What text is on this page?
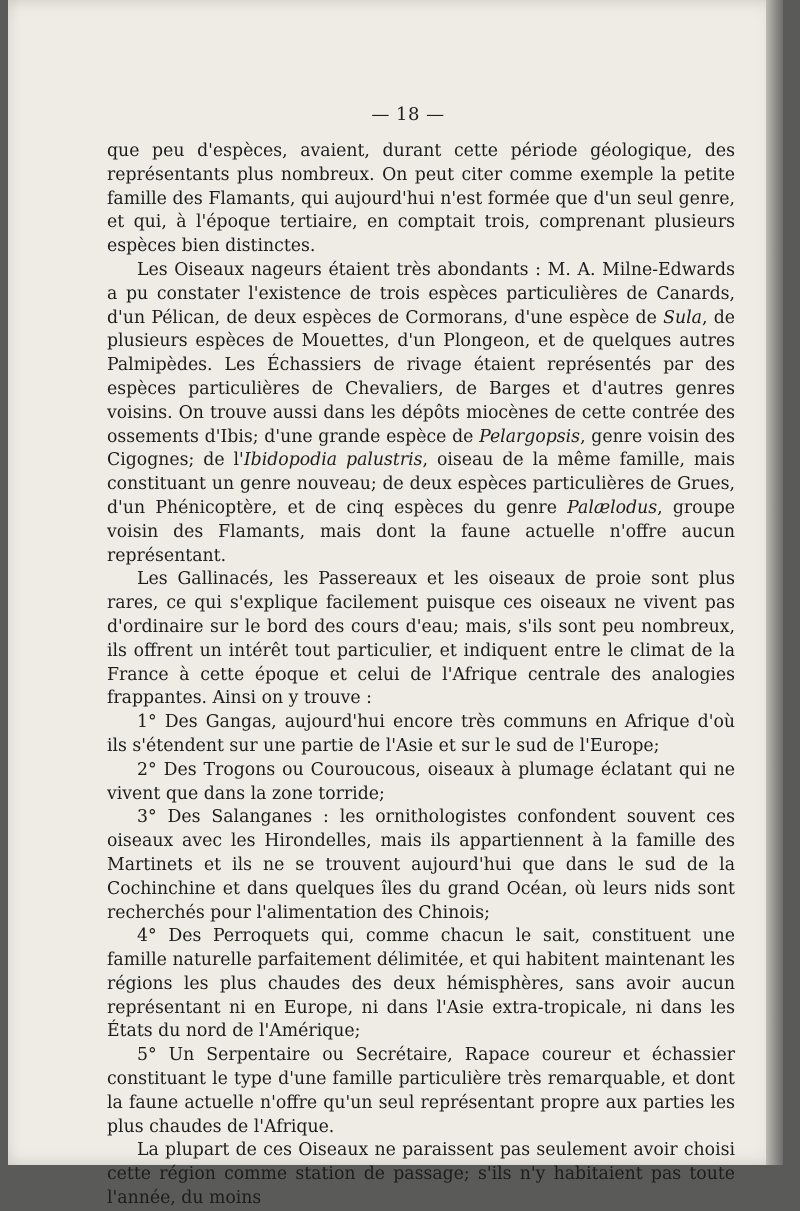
— 18 —

que peu d'espèces, avaient, durant cette période géologique, des représentants plus nombreux. On peut citer comme exemple la petite famille des Flamants, qui aujourd'hui n'est formée que d'un seul genre, et qui, à l'époque tertiaire, en comptait trois, comprenant plusieurs espèces bien distinctes.

Les Oiseaux nageurs étaient très abondants : M. A. Milne-Edwards a pu constater l'existence de trois espèces particulières de Canards, d'un Pélican, de deux espèces de Cormorans, d'une espèce de Sula, de plusieurs espèces de Mouettes, d'un Plongeon, et de quelques autres Palmipèdes. Les Échassiers de rivage étaient représentés par des espèces particulières de Chevaliers, de Barges et d'autres genres voisins. On trouve aussi dans les dépôts miocènes de cette contrée des ossements d'Ibis; d'une grande espèce de Pelargopsis, genre voisin des Cigognes; de l'Ibidopodia palustris, oiseau de la même famille, mais constituant un genre nouveau; de deux espèces particulières de Grues, d'un Phénicoptère, et de cinq espèces du genre Palælodus, groupe voisin des Flamants, mais dont la faune actuelle n'offre aucun représentant.

Les Gallinacés, les Passereaux et les oiseaux de proie sont plus rares, ce qui s'explique facilement puisque ces oiseaux ne vivent pas d'ordinaire sur le bord des cours d'eau; mais, s'ils sont peu nombreux, ils offrent un intérêt tout particulier, et indiquent entre le climat de la France à cette époque et celui de l'Afrique centrale des analogies frappantes. Ainsi on y trouve :

1° Des Gangas, aujourd'hui encore très communs en Afrique d'où ils s'étendent sur une partie de l'Asie et sur le sud de l'Europe;

2° Des Trogons ou Couroucous, oiseaux à plumage éclatant qui ne vivent que dans la zone torride;

3° Des Salanganes : les ornithologistes confondent souvent ces oiseaux avec les Hirondelles, mais ils appartiennent à la famille des Martinets et ils ne se trouvent aujourd'hui que dans le sud de la Cochinchine et dans quelques îles du grand Océan, où leurs nids sont recherchés pour l'alimentation des Chinois;

4° Des Perroquets qui, comme chacun le sait, constituent une famille naturelle parfaitement délimitée, et qui habitent maintenant les régions les plus chaudes des deux hémisphères, sans avoir aucun représentant ni en Europe, ni dans l'Asie extra-tropicale, ni dans les États du nord de l'Amérique;

5° Un Serpentaire ou Secrétaire, Rapace coureur et échassier constituant le type d'une famille particulière très remarquable, et dont la faune actuelle n'offre qu'un seul représentant propre aux parties les plus chaudes de l'Afrique.

La plupart de ces Oiseaux ne paraissent pas seulement avoir choisi cette région comme station de passage; s'ils n'y habitaient pas toute l'année, du moins
